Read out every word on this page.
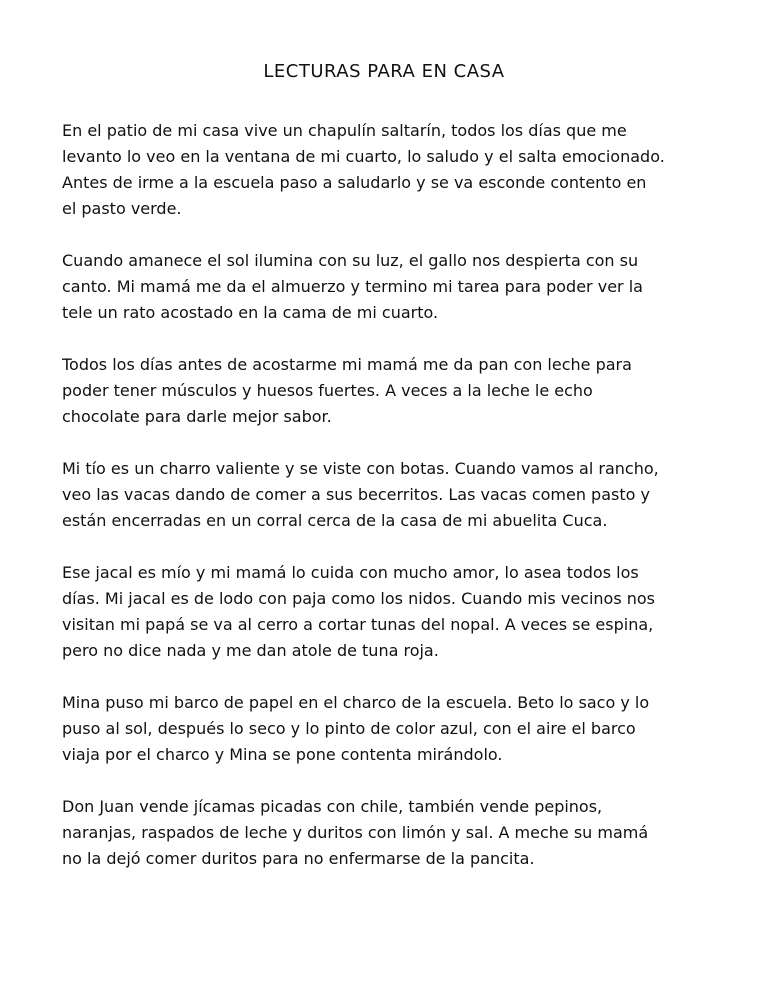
LECTURAS PARA EN CASA

En el patio de mi casa vive un chapulín saltarín, todos los días que me
levanto lo veo en la ventana de mi cuarto, lo saludo y el salta emocionado.
Antes de irme a la escuela paso a saludarlo y se va esconde contento en
el pasto verde.

Cuando amanece el sol ilumina con su luz, el gallo nos despierta con su
canto. Mi mamá me da el almuerzo y termino mi tarea para poder ver la
tele un rato acostado en la cama de mi cuarto.

Todos los días antes de acostarme mi mamá me da pan con leche para
poder tener músculos y huesos fuertes. A veces a la leche le echo
chocolate para darle mejor sabor.

Mi tío es un charro valiente y se viste con botas. Cuando vamos al rancho,
veo las vacas dando de comer a sus becerritos. Las vacas comen pasto y
están encerradas en un corral cerca de la casa de mi abuelita Cuca.

Ese jacal es mío y mi mamá lo cuida con mucho amor, lo asea todos los
días. Mi jacal es de lodo con paja como los nidos. Cuando mis vecinos nos
visitan mi papá se va al cerro a cortar tunas del nopal. A veces se espina,
pero no dice nada y me dan atole de tuna roja.

Mina puso mi barco de papel en el charco de la escuela. Beto lo saco y lo
puso al sol, después lo seco y lo pinto de color azul, con el aire el barco
viaja por el charco y Mina se pone contenta mirándolo.

Don Juan vende jícamas picadas con chile, también vende pepinos,
naranjas, raspados de leche y duritos con limón y sal. A meche su mamá
no la dejó comer duritos para no enfermarse de la pancita.
